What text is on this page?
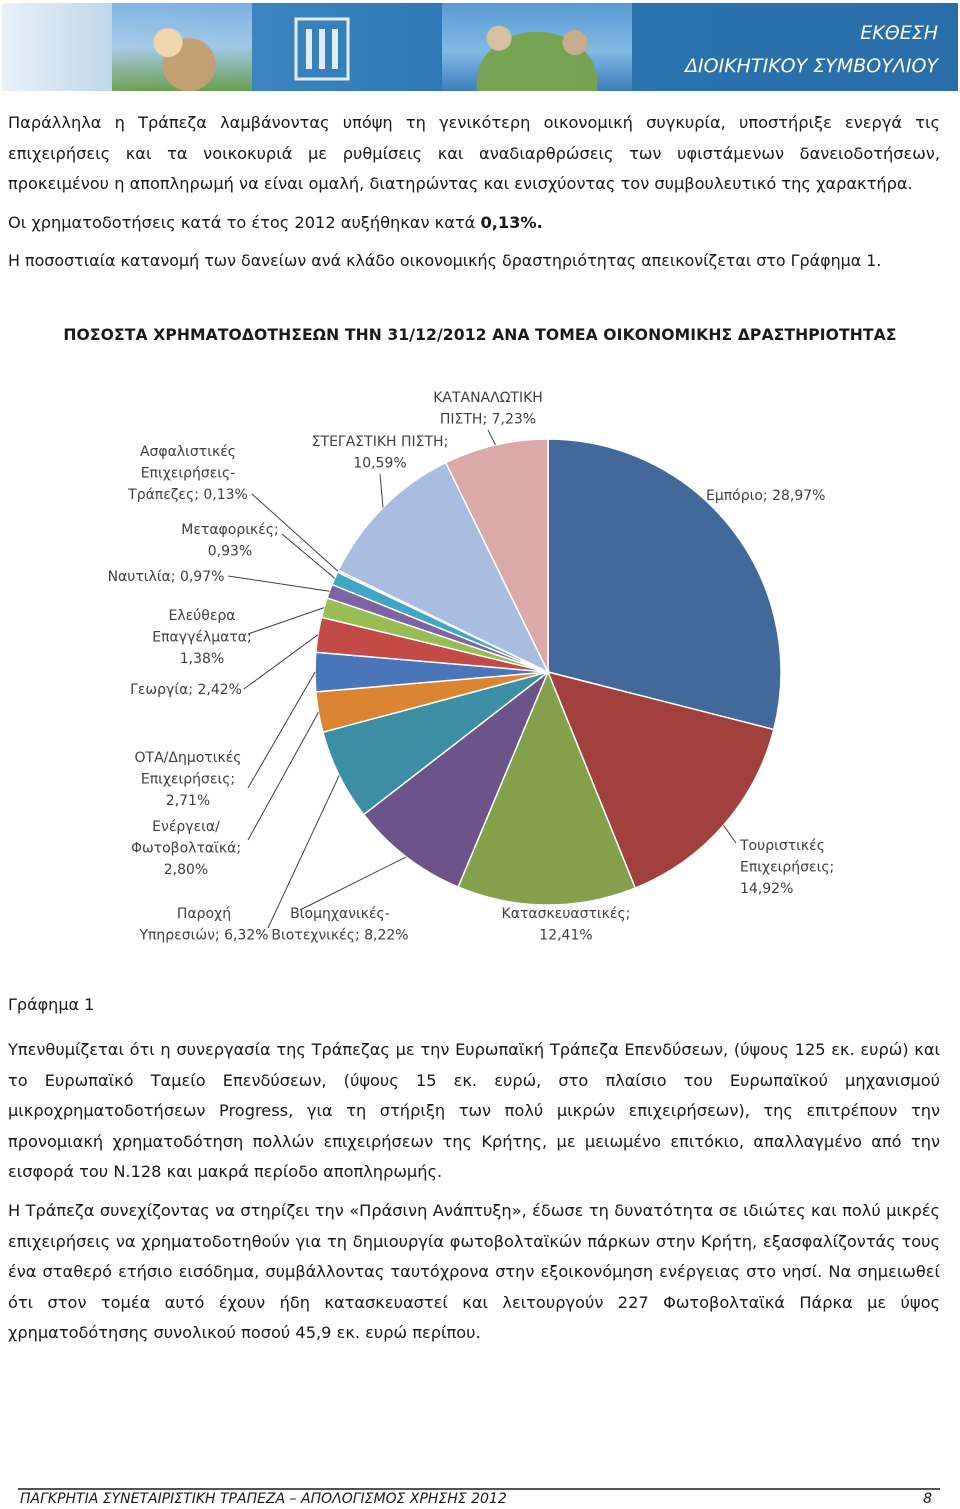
ΕΚΘΕΣΗ
ΔΙΟΙΚΗΤΙΚΟΥ ΣΥΜΒΟΥΛΙΟΥ

Παράλληλα η Τράπεζα λαμβάνοντας υπόψη τη γενικότερη οικονομική συγκυρία, υποστήριξε ενεργά τις επιχειρήσεις και τα νοικοκυριά με ρυθμίσεις και αναδιαρθρώσεις των υφιστάμενων δανειοδοτήσεων, προκειμένου η αποπληρωμή να είναι ομαλή, διατηρώντας και ενισχύοντας τον συμβουλευτικό της χαρακτήρα.

Οι χρηματοδοτήσεις κατά το έτος 2012 αυξήθηκαν κατά 0,13%.

Η ποσοστιαία κατανομή των δανείων ανά κλάδο οικονομικής δραστηριότητας απεικονίζεται στο Γράφημα 1.

ΠΟΣΟΣΤΑ ΧΡΗΜΑΤΟΔΟΤΗΣΕΩΝ ΤΗΝ 31/12/2012 ΑΝΑ ΤΟΜΕΑ ΟΙΚΟΝΟΜΙΚΗΣ ΔΡΑΣΤΗΡΙΟΤΗΤΑΣ
Εμπόριο; 28,97%
Τουριστικές Επιχειρήσεις; 14,92%
Κατασκευαστικές; 12,41%
Βιομηχανικές-Βιοτεχνικές; 8,22%
Παροχή Υπηρεσιών; 6,32%
Ενέργεια/ Φωτοβολταϊκά; 2,80%
ΟΤΑ/Δημοτικές Επιχειρήσεις; 2,71%
Γεωργία; 2,42%
Ελεύθερα Επαγγέλματα; 1,38%
Ναυτιλία; 0,97%
Μεταφορικές; 0,93%
Ασφαλιστικές Επιχειρήσεις-Τράπεζες; 0,13%
ΣΤΕΓΑΣΤΙΚΗ ΠΙΣΤΗ; 10,59%
ΚΑΤΑΝΑΛΩΤΙΚΗ ΠΙΣΤΗ; 7,23%
Γράφημα 1

Υπενθυμίζεται ότι η συνεργασία της Τράπεζας με την Ευρωπαϊκή Τράπεζα Επενδύσεων, (ύψους 125 εκ. ευρώ) και το Ευρωπαϊκό Ταμείο Επενδύσεων, (ύψους 15 εκ. ευρώ, στο πλαίσιο του Ευρωπαϊκού μηχανισμού μικροχρηματοδοτήσεων Progress, για τη στήριξη των πολύ μικρών επιχειρήσεων), της επιτρέπουν την προνομιακή χρηματοδότηση πολλών επιχειρήσεων της Κρήτης, με μειωμένο επιτόκιο, απαλλαγμένο από την εισφορά του Ν.128 και μακρά περίοδο αποπληρωμής.

Η Τράπεζα συνεχίζοντας να στηρίζει την «Πράσινη Ανάπτυξη», έδωσε τη δυνατότητα σε ιδιώτες και πολύ μικρές επιχειρήσεις να χρηματοδοτηθούν για τη δημιουργία φωτοβολταϊκών πάρκων στην Κρήτη, εξασφαλίζοντάς τους ένα σταθερό ετήσιο εισόδημα, συμβάλλοντας ταυτόχρονα στην εξοικονόμηση ενέργειας στο νησί. Να σημειωθεί ότι στον τομέα αυτό έχουν ήδη κατασκευαστεί και λειτουργούν 227 Φωτοβολταϊκά Πάρκα με ύψος χρηματοδότησης συνολικού ποσού 45,9 εκ. ευρώ περίπου.

ΠΑΓΚΡΗΤΙΑ ΣΥΝΕΤΑΙΡΙΣΤΙΚΗ ΤΡΑΠΕΖΑ – ΑΠΟΛΟΓΙΣΜΟΣ ΧΡΗΣΗΣ 2012	8
